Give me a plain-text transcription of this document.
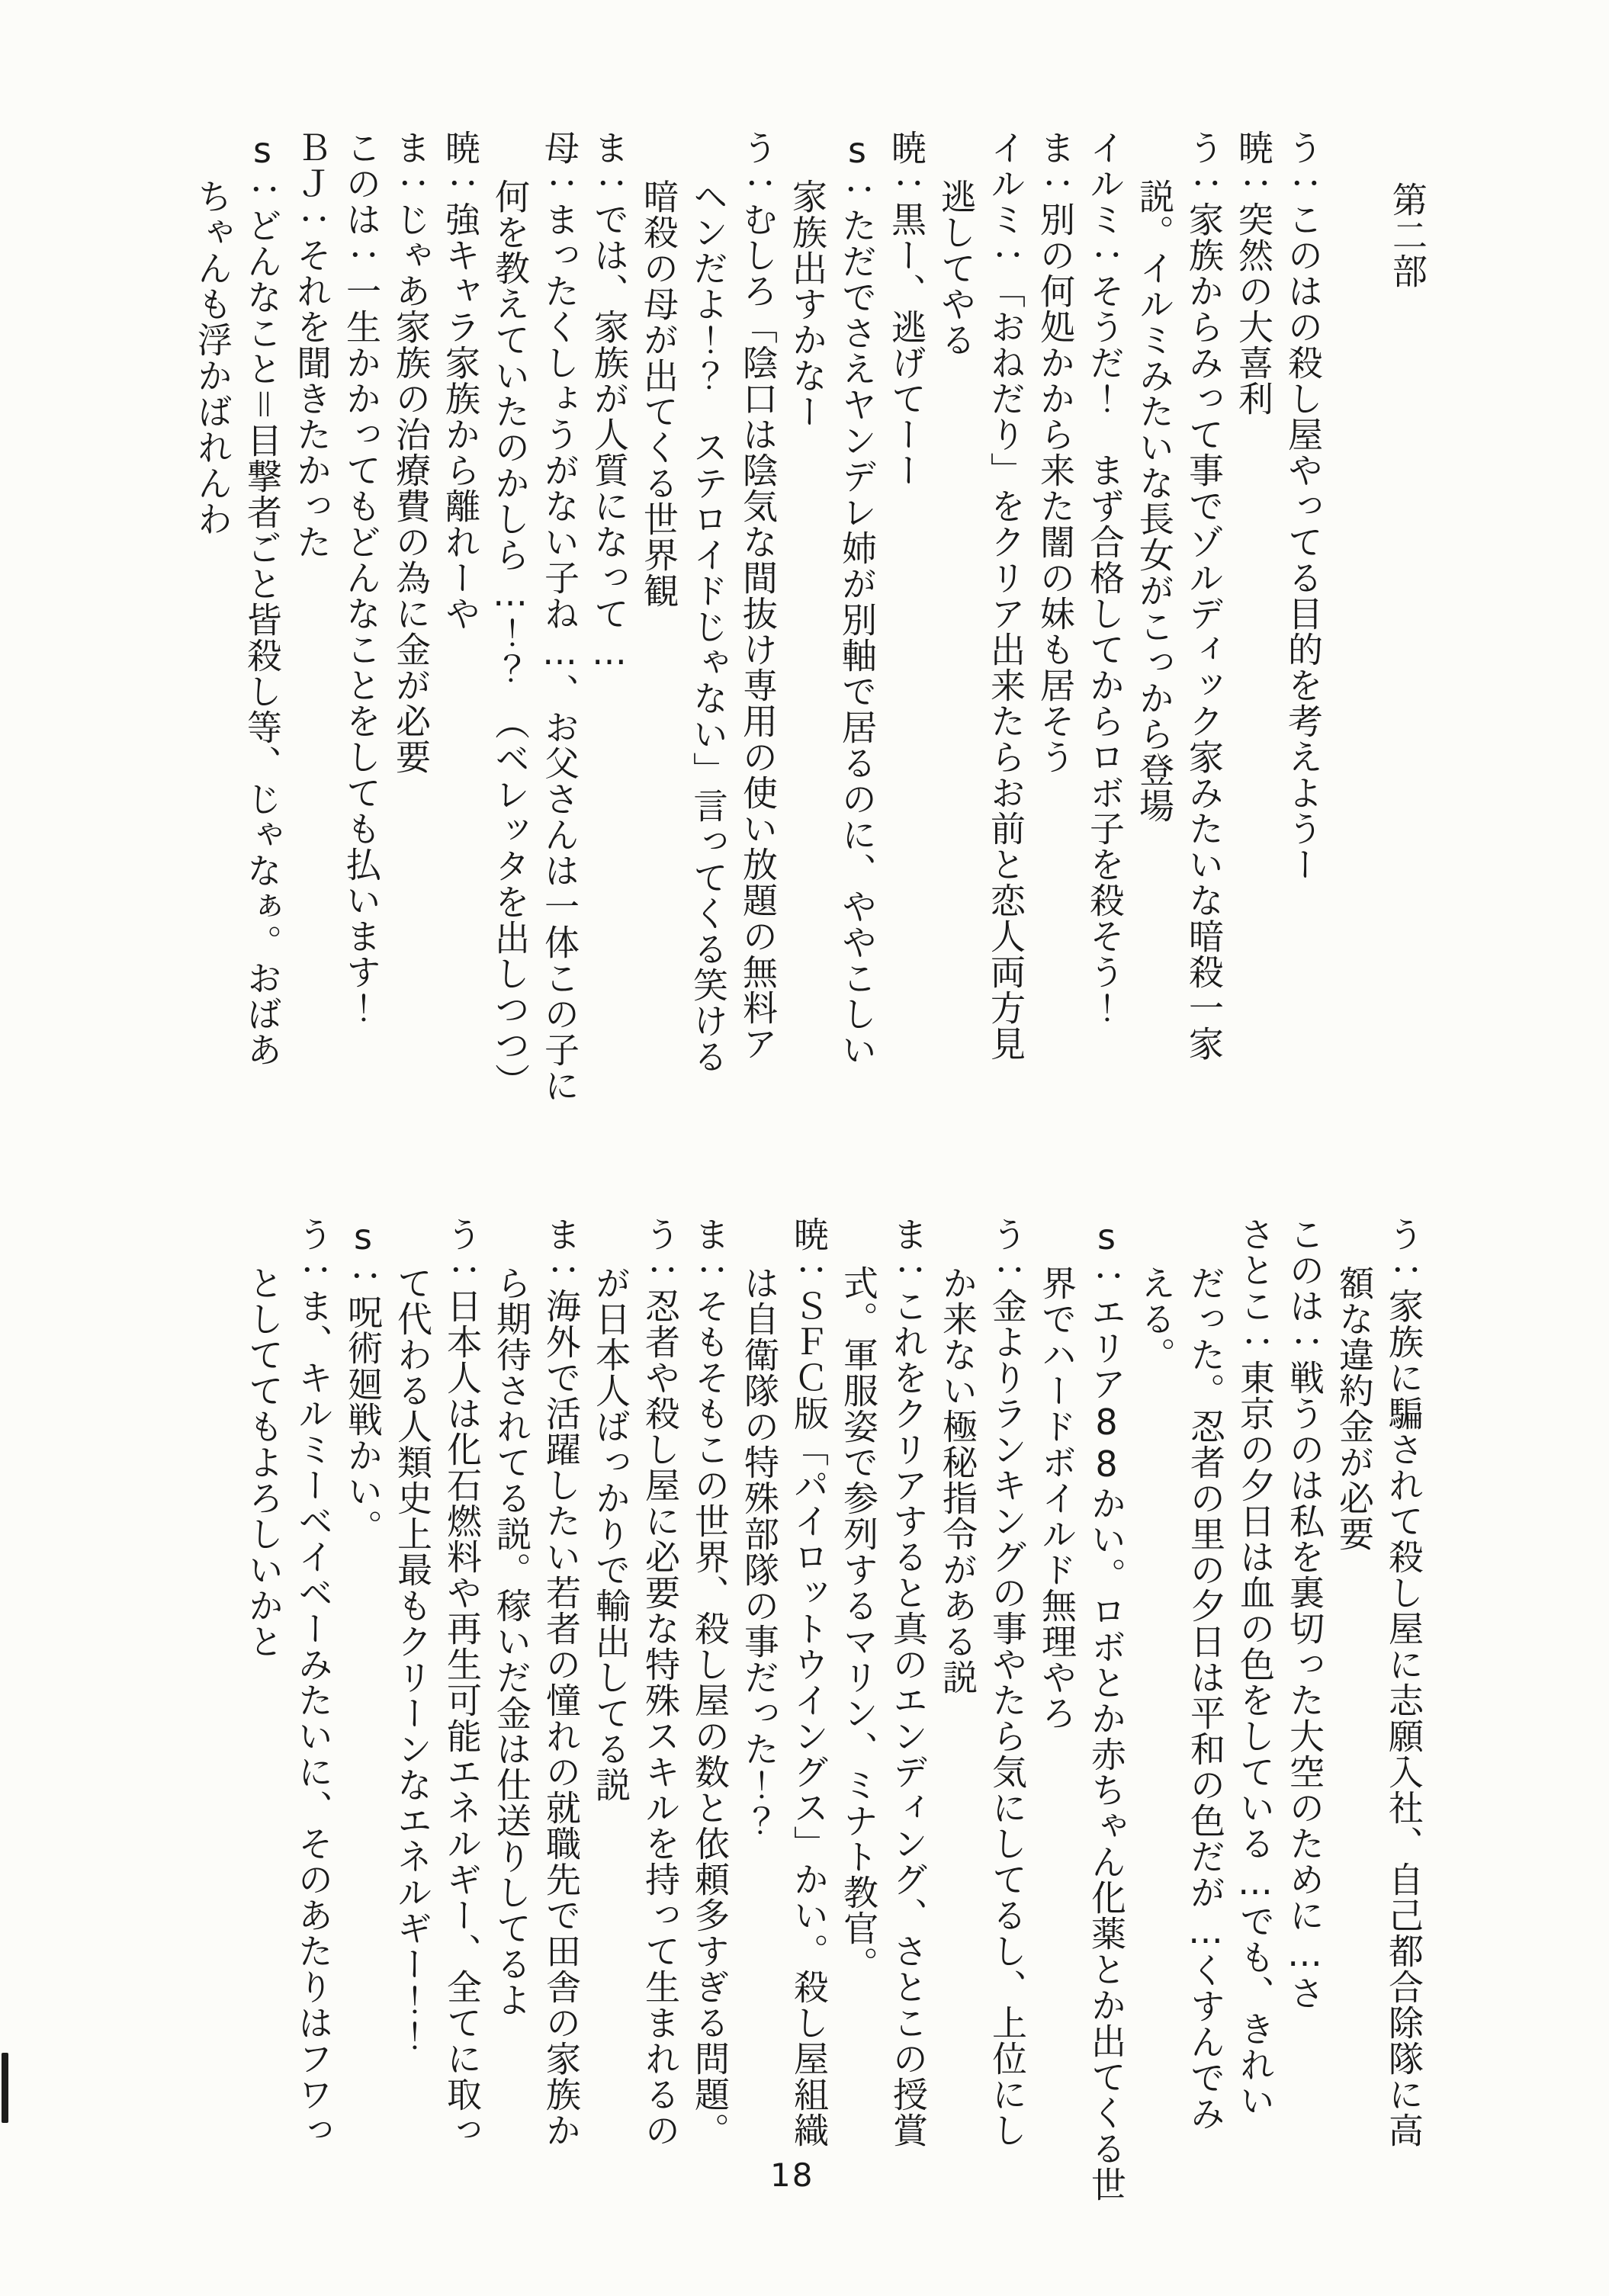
第二部
う：このはの殺し屋やってる目的を考えようー
暁：突然の大喜利
う：家族からみって事でゾルディック家みたいな暗殺一家
説。イルミみたいな長女がこっから登場
イルミ：そうだ！　まず合格してからロボ子を殺そう！
ま：別の何処かから来た闇の妹も居そう
イルミ：「おねだり」をクリア出来たらお前と恋人両方見
逃してやる
暁：黒ー、逃げてーー
s：ただでさえヤンデレ姉が別軸で居るのに、ややこしい
家族出すかなー
う：むしろ「陰口は陰気な間抜け専用の使い放題の無料ア
ヘンだよ！？　ステロイドじゃない」言ってくる笑ける
暗殺の母が出てくる世界観
ま：では、家族が人質になって…
母：まったくしょうがない子ね…、お父さんは一体この子に
何を教えていたのかしら…！？　（ベレッタを出しつつ）
暁：強キャラ家族から離れーや
ま：じゃあ家族の治療費の為に金が必要
このは：一生かかってもどんなことをしても払います！
ＢＪ：それを聞きたかった
s：どんなこと＝目撃者ごと皆殺し等、じゃなぁ。おばあ
ちゃんも浮かばれんわ
う：家族に騙されて殺し屋に志願入社、自己都合除隊に高
額な違約金が必要
このは：戦うのは私を裏切った大空のために…さ
さとこ：東京の夕日は血の色をしている…でも、きれい
だった。忍者の里の夕日は平和の色だが…くすんでみ
える。
s：エリア88かい。ロボとか赤ちゃん化薬とか出てくる世
界でハードボイルド無理やろ
う：金よりランキングの事やたら気にしてるし、上位にし
か来ない極秘指令がある説
ま：これをクリアすると真のエンディング、さとこの授賞
式。軍服姿で参列するマリン、ミナト教官。
暁：ＳＦＣ版「パイロットウイングス」かい。殺し屋組織
は自衛隊の特殊部隊の事だった！？
ま：そもそもこの世界、殺し屋の数と依頼多すぎる問題。
う：忍者や殺し屋に必要な特殊スキルを持って生まれるの
が日本人ばっかりで輸出してる説
ま：海外で活躍したい若者の憧れの就職先で田舎の家族か
ら期待されてる説。稼いだ金は仕送りしてるよ
う：日本人は化石燃料や再生可能エネルギー、全てに取っ
て代わる人類史上最もクリーンなエネルギー！！
s：呪術廻戦かい。
う：ま、キルミーベイベーみたいに、そのあたりはフワっ
としててもよろしいかと
18
